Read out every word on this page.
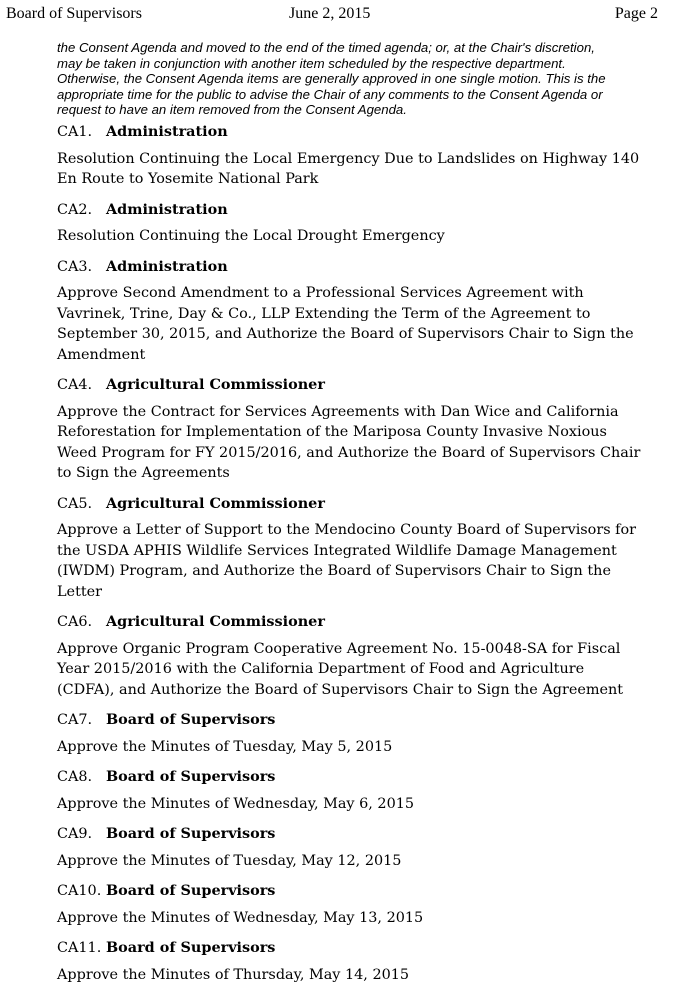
Board of Supervisors	June 2, 2015	Page 2
the Consent Agenda and moved to the end of the timed agenda; or, at the Chair's discretion,
may be taken in conjunction with another item scheduled by the respective department.
Otherwise, the Consent Agenda items are generally approved in one single motion. This is the
appropriate time for the public to advise the Chair of any comments to the Consent Agenda or
request to have an item removed from the Consent Agenda.
CA1. Administration
Resolution Continuing the Local Emergency Due to Landslides on Highway 140
En Route to Yosemite National Park
CA2. Administration
Resolution Continuing the Local Drought Emergency
CA3. Administration
Approve Second Amendment to a Professional Services Agreement with
Vavrinek, Trine, Day & Co., LLP Extending the Term of the Agreement to
September 30, 2015, and Authorize the Board of Supervisors Chair to Sign the
Amendment
CA4. Agricultural Commissioner
Approve the Contract for Services Agreements with Dan Wice and California
Reforestation for Implementation of the Mariposa County Invasive Noxious
Weed Program for FY 2015/2016, and Authorize the Board of Supervisors Chair
to Sign the Agreements
CA5. Agricultural Commissioner
Approve a Letter of Support to the Mendocino County Board of Supervisors for
the USDA APHIS Wildlife Services Integrated Wildlife Damage Management
(IWDM) Program, and Authorize the Board of Supervisors Chair to Sign the
Letter
CA6. Agricultural Commissioner
Approve Organic Program Cooperative Agreement No. 15-0048-SA for Fiscal
Year 2015/2016 with the California Department of Food and Agriculture
(CDFA), and Authorize the Board of Supervisors Chair to Sign the Agreement
CA7. Board of Supervisors
Approve the Minutes of Tuesday, May 5, 2015
CA8. Board of Supervisors
Approve the Minutes of Wednesday, May 6, 2015
CA9. Board of Supervisors
Approve the Minutes of Tuesday, May 12, 2015
CA10. Board of Supervisors
Approve the Minutes of Wednesday, May 13, 2015
CA11. Board of Supervisors
Approve the Minutes of Thursday, May 14, 2015
